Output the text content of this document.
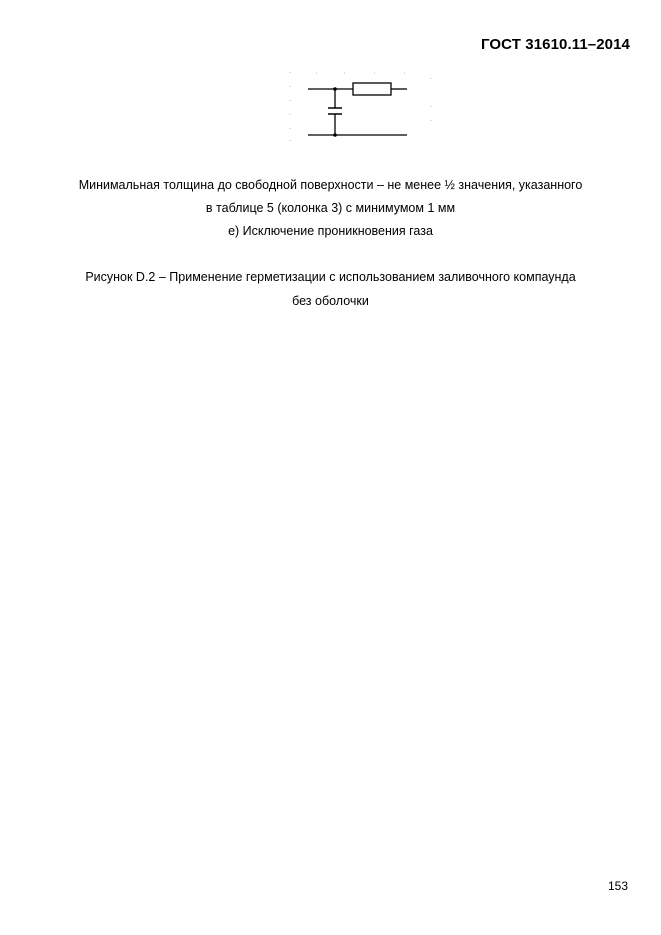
ГОСТ 31610.11–2014
Минимальная толщина до свободной поверхности – не менее ½ значения, указанного
в таблице 5 (колонка 3) с минимумом 1 мм
е) Исключение проникновения газа
Рисунок D.2 – Применение герметизации с использованием заливочного компаунда
без оболочки
153
